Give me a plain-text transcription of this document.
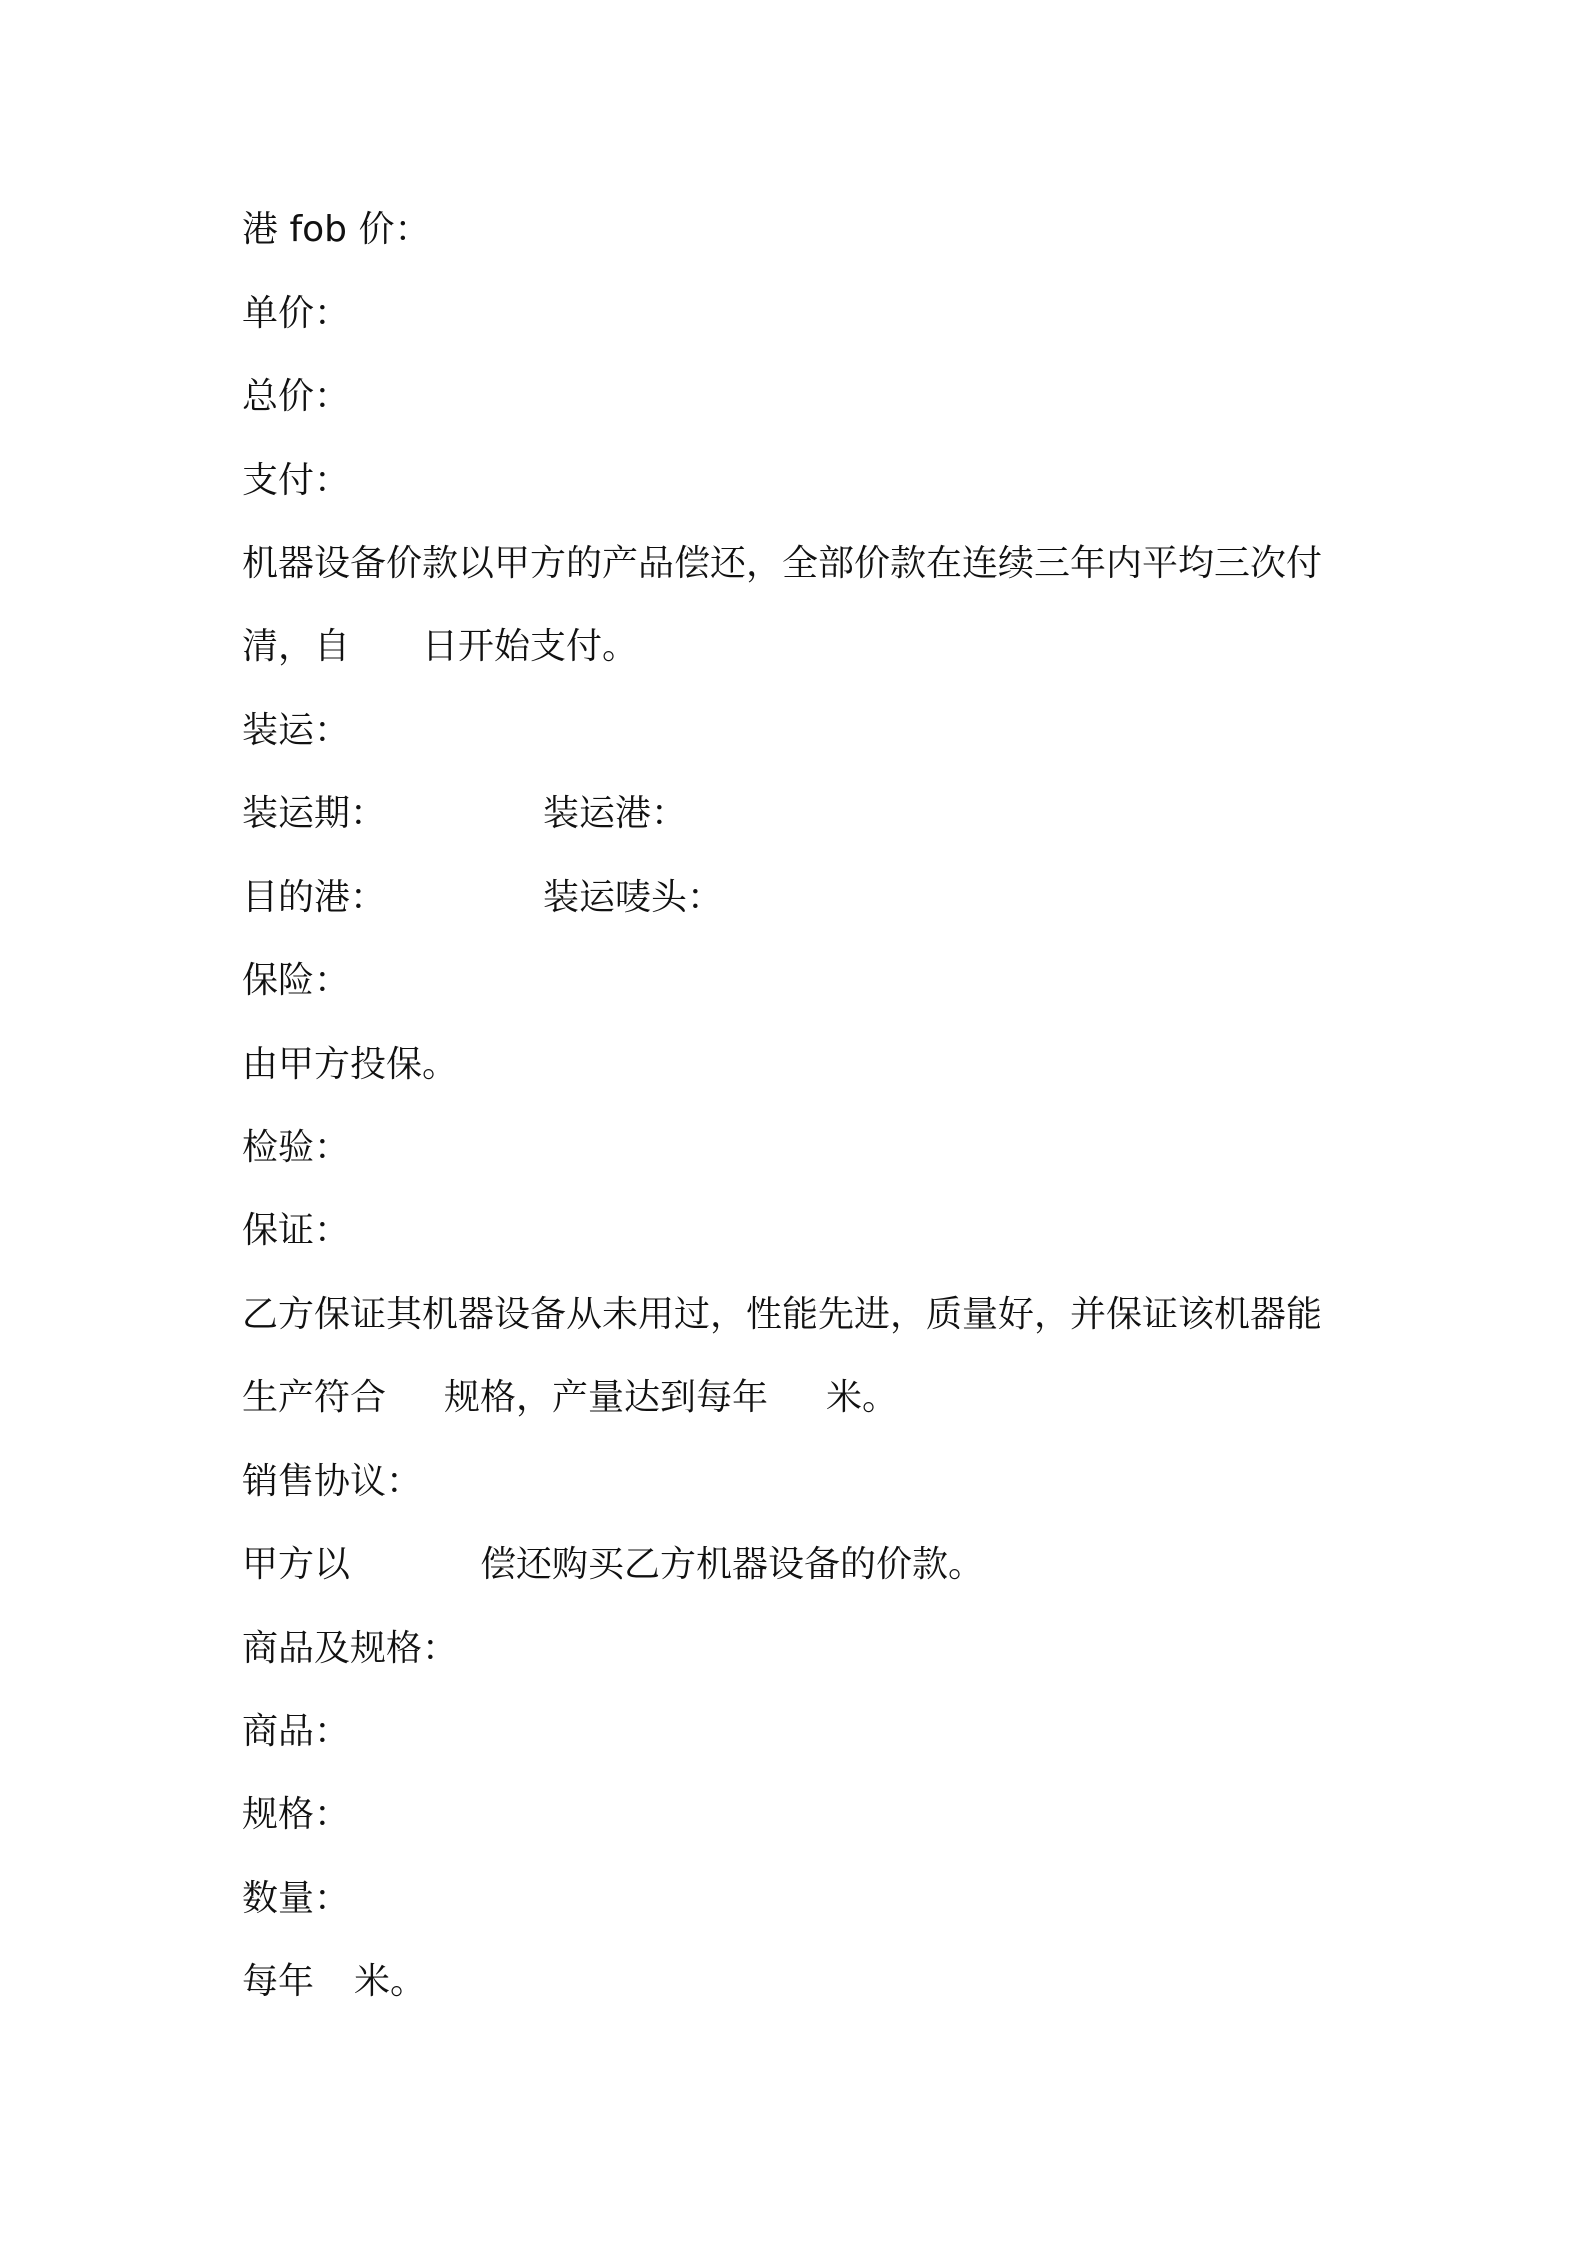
港 fob 价：
单价：
总价：
支付：
机器设备价款以甲方的产品偿还，全部价款在连续三年内平均三次付
清，自 日开始支付。
装运：
装运期：	装运港：
目的港：	装运唛头：
保险：
由甲方投保。
检验：
保证：
乙方保证其机器设备从未用过，性能先进，质量好，并保证该机器能
生产符合 规格，产量达到每年 米。
销售协议：
甲方以	偿还购买乙方机器设备的价款。
商品及规格：
商品：
规格：
数量：
每年 米。
